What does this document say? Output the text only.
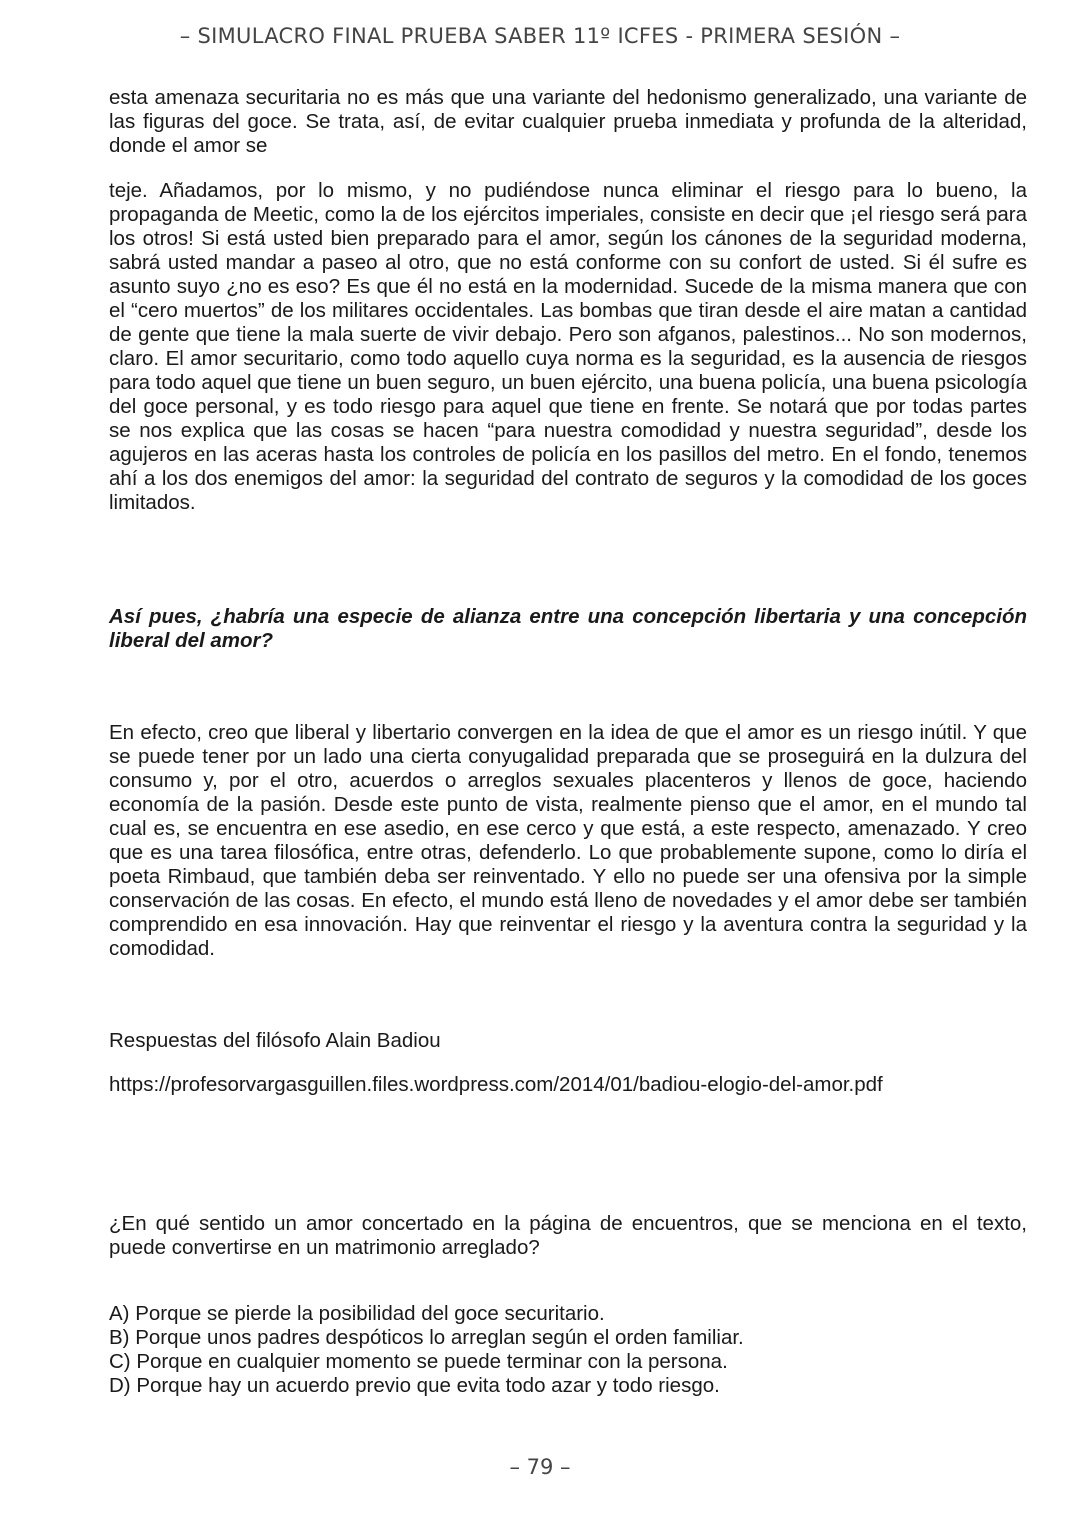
– SIMULACRO FINAL PRUEBA SABER 11º ICFES - PRIMERA SESIÓN –

esta amenaza securitaria no es más que una variante del hedonismo generalizado, una variante de las figuras del goce. Se trata, así, de evitar cualquier prueba inmediata y profunda de la alteridad, donde el amor se

teje. Añadamos, por lo mismo, y no pudiéndose nunca eliminar el riesgo para lo bueno, la propaganda de Meetic, como la de los ejércitos imperiales, consiste en decir que ¡el riesgo será para los otros! Si está usted bien preparado para el amor, según los cánones de la seguridad moderna, sabrá usted mandar a paseo al otro, que no está conforme con su confort de usted. Si él sufre es asunto suyo ¿no es eso? Es que él no está en la modernidad. Sucede de la misma manera que con el “cero muertos” de los militares occidentales. Las bombas que tiran desde el aire matan a cantidad de gente que tiene la mala suerte de vivir debajo. Pero son afganos, palestinos... No son modernos, claro. El amor securitario, como todo aquello cuya norma es la seguridad, es la ausencia de riesgos para todo aquel que tiene un buen seguro, un buen ejército, una buena policía, una buena psicología del goce personal, y es todo riesgo para aquel que tiene en frente. Se notará que por todas partes se nos explica que las cosas se hacen “para nuestra comodidad y nuestra seguridad”, desde los agujeros en las aceras hasta los controles de policía en los pasillos del metro. En el fondo, tenemos ahí a los dos enemigos del amor: la seguridad del contrato de seguros y la comodidad de los goces limitados.

Así pues, ¿habría una especie de alianza entre una concepción libertaria y una concepción liberal del amor?

En efecto, creo que liberal y libertario convergen en la idea de que el amor es un riesgo inútil. Y que se puede tener por un lado una cierta conyugalidad preparada que se proseguirá en la dulzura del consumo y, por el otro, acuerdos o arreglos sexuales placenteros y llenos de goce, haciendo economía de la pasión. Desde este punto de vista, realmente pienso que el amor, en el mundo tal cual es, se encuentra en ese asedio, en ese cerco y que está, a este respecto, amenazado. Y creo que es una tarea filosófica, entre otras, defenderlo. Lo que probablemente supone, como lo diría el poeta Rimbaud, que también deba ser reinventado. Y ello no puede ser una ofensiva por la simple conservación de las cosas. En efecto, el mundo está lleno de novedades y el amor debe ser también comprendido en esa innovación. Hay que reinventar el riesgo y la aventura contra la seguridad y la comodidad.

Respuestas del filósofo Alain Badiou

https://profesorvargasguillen.files.wordpress.com/2014/01/badiou-elogio-del-amor.pdf

¿En qué sentido un amor concertado en la página de encuentros, que se menciona en el texto, puede convertirse en un matrimonio arreglado?

A) Porque se pierde la posibilidad del goce securitario.
B) Porque unos padres despóticos lo arreglan según el orden familiar.
C) Porque en cualquier momento se puede terminar con la persona.
D) Porque hay un acuerdo previo que evita todo azar y todo riesgo.
– 79 –
